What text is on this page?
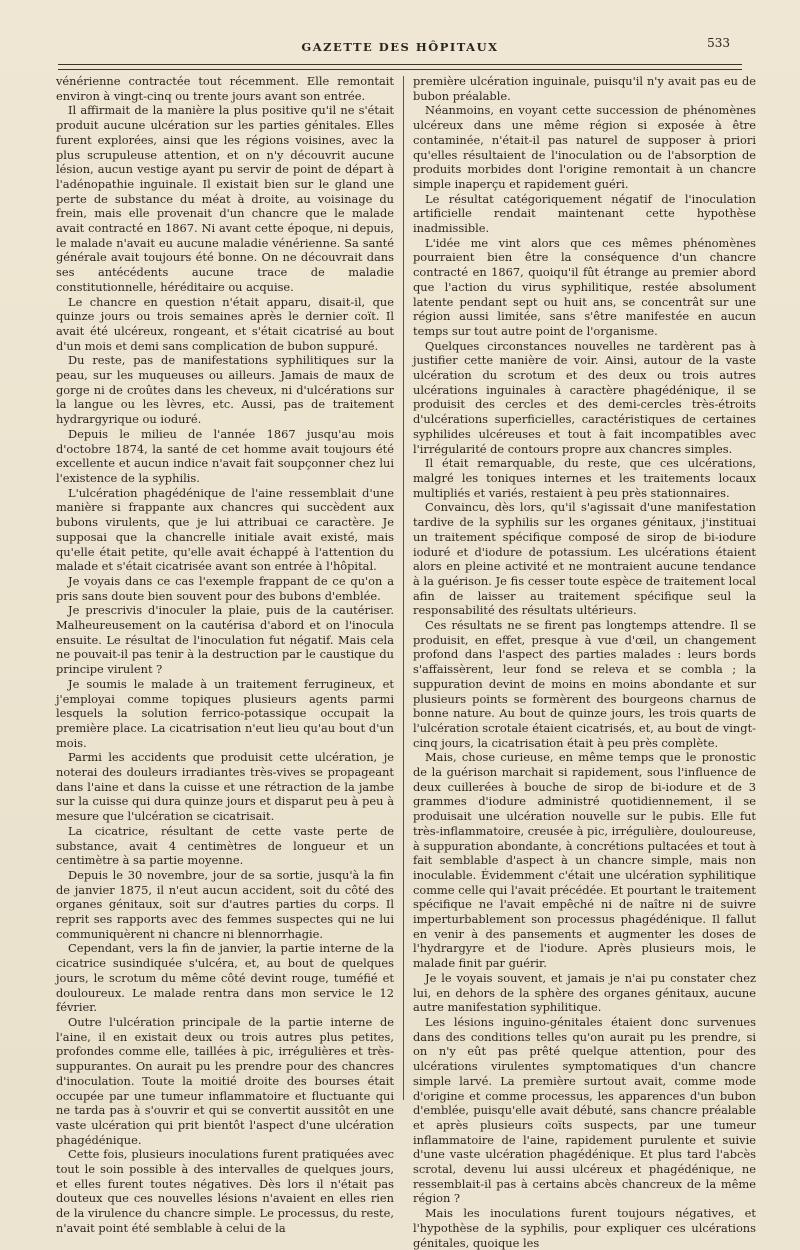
GAZETTE DES HÔPITAUX	533

vénérienne contractée tout récemment. Elle remontait environ à vingt-cinq ou trente jours avant son entrée.

Il affirmait de la manière la plus positive qu'il ne s'était produit aucune ulcération sur les parties génitales. Elles furent explorées, ainsi que les régions voisines, avec la plus scrupuleuse attention, et on n'y découvrit aucune lésion, aucun vestige ayant pu servir de point de départ à l'adénopathie inguinale. Il existait bien sur le gland une perte de substance du méat à droite, au voisinage du frein, mais elle provenait d'un chancre que le malade avait contracté en 1867. Ni avant cette époque, ni depuis, le malade n'avait eu aucune maladie vénérienne. Sa santé générale avait toujours été bonne. On ne découvrait dans ses antécédents aucune trace de maladie constitutionnelle, héréditaire ou acquise.

Le chancre en question n'était apparu, disait-il, que quinze jours ou trois semaines après le dernier coït. Il avait été ulcéreux, rongeant, et s'était cicatrisé au bout d'un mois et demi sans complication de bubon suppuré.

Du reste, pas de manifestations syphilitiques sur la peau, sur les muqueuses ou ailleurs. Jamais de maux de gorge ni de croûtes dans les cheveux, ni d'ulcérations sur la langue ou les lèvres, etc. Aussi, pas de traitement hydrargyrique ou ioduré.

Depuis le milieu de l'année 1867 jusqu'au mois d'octobre 1874, la santé de cet homme avait toujours été excellente et aucun indice n'avait fait soupçonner chez lui l'existence de la syphilis.

L'ulcération phagédénique de l'aine ressemblait d'une manière si frappante aux chancres qui succèdent aux bubons virulents, que je lui attribuai ce caractère. Je supposai que la chancrelle initiale avait existé, mais qu'elle était petite, qu'elle avait échappé à l'attention du malade et s'était cicatrisée avant son entrée à l'hôpital.

Je voyais dans ce cas l'exemple frappant de ce qu'on a pris sans doute bien souvent pour des bubons d'emblée.

Je prescrivis d'inoculer la plaie, puis de la cautériser. Malheureusement on la cautérisa d'abord et on l'inocula ensuite. Le résultat de l'inoculation fut négatif. Mais cela ne pouvait-il pas tenir à la destruction par le caustique du principe virulent ?

Je soumis le malade à un traitement ferrugineux, et j'employai comme topiques plusieurs agents parmi lesquels la solution ferrico-potassique occupait la première place. La cicatrisation n'eut lieu qu'au bout d'un mois.

Parmi les accidents que produisit cette ulcération, je noterai des douleurs irradiantes très-vives se propageant dans l'aine et dans la cuisse et une rétraction de la jambe sur la cuisse qui dura quinze jours et disparut peu à peu à mesure que l'ulcération se cicatrisait.

La cicatrice, résultant de cette vaste perte de substance, avait 4 centimètres de longueur et un centimètre à sa partie moyenne.

Depuis le 30 novembre, jour de sa sortie, jusqu'à la fin de janvier 1875, il n'eut aucun accident, soit du côté des organes génitaux, soit sur d'autres parties du corps. Il reprit ses rapports avec des femmes suspectes qui ne lui communiquèrent ni chancre ni blennorrhagie.

Cependant, vers la fin de janvier, la partie interne de la cicatrice susindiquée s'ulcéra, et, au bout de quelques jours, le scrotum du même côté devint rouge, tuméfié et douloureux. Le malade rentra dans mon service le 12 février.

Outre l'ulcération principale de la partie interne de l'aine, il en existait deux ou trois autres plus petites, profondes comme elle, taillées à pic, irrégulières et très-suppurantes. On aurait pu les prendre pour des chancres d'inoculation. Toute la moitié droite des bourses était occupée par une tumeur inflammatoire et fluctuante qui ne tarda pas à s'ouvrir et qui se convertit aussitôt en une vaste ulcération qui prit bientôt l'aspect d'une ulcération phagédénique.

Cette fois, plusieurs inoculations furent pratiquées avec tout le soin possible à des intervalles de quelques jours, et elles furent toutes négatives. Dès lors il n'était pas douteux que ces nouvelles lésions n'avaient en elles rien de la virulence du chancre simple. Le processus, du reste, n'avait point été semblable à celui de la

première ulcération inguinale, puisqu'il n'y avait pas eu de bubon préalable.

Néanmoins, en voyant cette succession de phénomènes ulcéreux dans une même région si exposée à être contaminée, n'était-il pas naturel de supposer à priori qu'elles résultaient de l'inoculation ou de l'absorption de produits morbides dont l'origine remontait à un chancre simple inaperçu et rapidement guéri.

Le résultat catégoriquement négatif de l'inoculation artificielle rendait maintenant cette hypothèse inadmissible.

L'idée me vint alors que ces mêmes phénomènes pourraient bien être la conséquence d'un chancre contracté en 1867, quoiqu'il fût étrange au premier abord que l'action du virus syphilitique, restée absolument latente pendant sept ou huit ans, se concentrât sur une région aussi limitée, sans s'être manifestée en aucun temps sur tout autre point de l'organisme.

Quelques circonstances nouvelles ne tardèrent pas à justifier cette manière de voir. Ainsi, autour de la vaste ulcération du scrotum et des deux ou trois autres ulcérations inguinales à caractère phagédénique, il se produisit des cercles et des demi-cercles très-étroits d'ulcérations superficielles, caractéristiques de certaines syphilides ulcéreuses et tout à fait incompatibles avec l'irrégularité de contours propre aux chancres simples.

Il était remarquable, du reste, que ces ulcérations, malgré les toniques internes et les traitements locaux multipliés et variés, restaient à peu près stationnaires.

Convaincu, dès lors, qu'il s'agissait d'une manifestation tardive de la syphilis sur les organes génitaux, j'instituai un traitement spécifique composé de sirop de bi-iodure ioduré et d'iodure de potassium. Les ulcérations étaient alors en pleine activité et ne montraient aucune tendance à la guérison. Je fis cesser toute espèce de traitement local afin de laisser au traitement spécifique seul la responsabilité des résultats ultérieurs.

Ces résultats ne se firent pas longtemps attendre. Il se produisit, en effet, presque à vue d'œil, un changement profond dans l'aspect des parties malades : leurs bords s'affaissèrent, leur fond se releva et se combla ; la suppuration devint de moins en moins abondante et sur plusieurs points se formèrent des bourgeons charnus de bonne nature. Au bout de quinze jours, les trois quarts de l'ulcération scrotale étaient cicatrisés, et, au bout de vingt-cinq jours, la cicatrisation était à peu près complète.

Mais, chose curieuse, en même temps que le pronostic de la guérison marchait si rapidement, sous l'influence de deux cuillerées à bouche de sirop de bi-iodure et de 3 grammes d'iodure administré quotidiennement, il se produisait une ulcération nouvelle sur le pubis. Elle fut très-inflammatoire, creusée à pic, irrégulière, douloureuse, à suppuration abondante, à concrétions pultacées et tout à fait semblable d'aspect à un chancre simple, mais non inoculable. Évidemment c'était une ulcération syphilitique comme celle qui l'avait précédée. Et pourtant le traitement spécifique ne l'avait empêché ni de naître ni de suivre imperturbablement son processus phagédénique. Il fallut en venir à des pansements et augmenter les doses de l'hydrargyre et de l'iodure. Après plusieurs mois, le malade finit par guérir.

Je le voyais souvent, et jamais je n'ai pu constater chez lui, en dehors de la sphère des organes génitaux, aucune autre manifestation syphilitique.

Les lésions inguino-génitales étaient donc survenues dans des conditions telles qu'on aurait pu les prendre, si on n'y eût pas prêté quelque attention, pour des ulcérations virulentes symptomatiques d'un chancre simple larvé. La première surtout avait, comme mode d'origine et comme processus, les apparences d'un bubon d'emblée, puisqu'elle avait débuté, sans chancre préalable et après plusieurs coïts suspects, par une tumeur inflammatoire de l'aine, rapidement purulente et suivie d'une vaste ulcération phagédénique. Et plus tard l'abcès scrotal, devenu lui aussi ulcéreux et phagédénique, ne ressemblait-il pas à certains abcès chancreux de la même région ?

Mais les inoculations furent toujours négatives, et l'hypothèse de la syphilis, pour expliquer ces ulcérations génitales, quoique les
